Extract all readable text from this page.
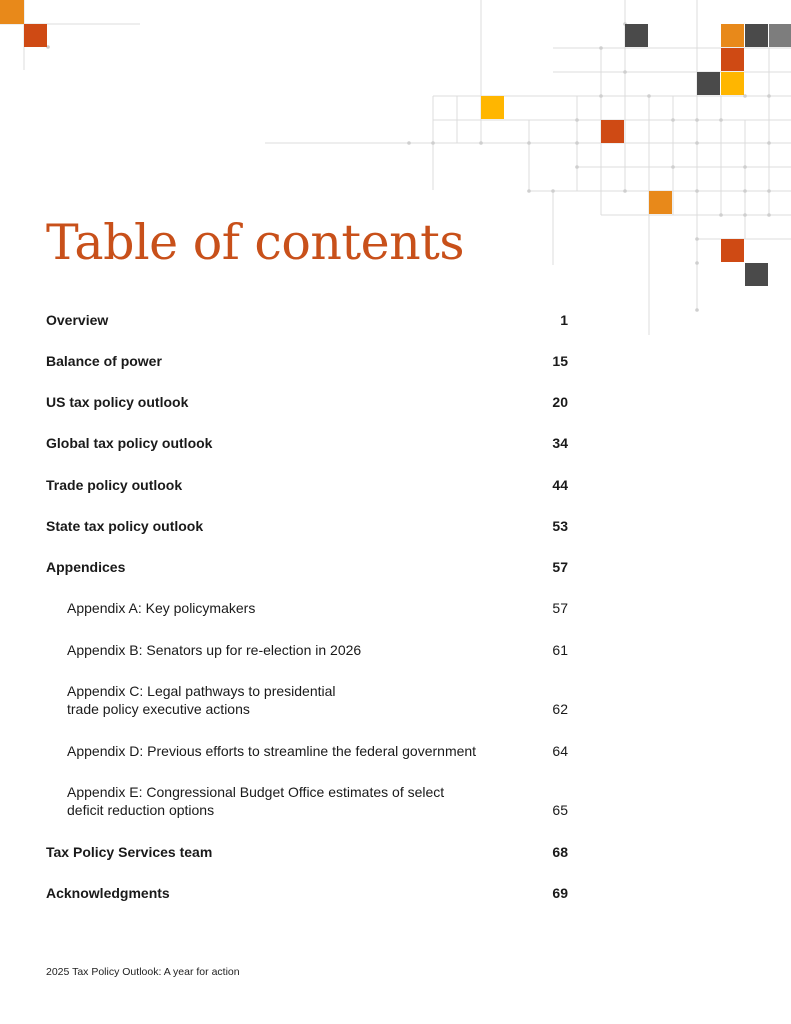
Table of contents
Overview	1
Balance of power	15
US tax policy outlook	20
Global tax policy outlook	34
Trade policy outlook	44
State tax policy outlook	53
Appendices	57
Appendix A: Key policymakers	57
Appendix B: Senators up for re-election in 2026	61
Appendix C: Legal pathways to presidential
trade policy executive actions	62
Appendix D: Previous efforts to streamline the federal government	64
Appendix E: Congressional Budget Office estimates of select
deficit reduction options	65
Tax Policy Services team	68
Acknowledgments	69
2025 Tax Policy Outlook: A year for action
